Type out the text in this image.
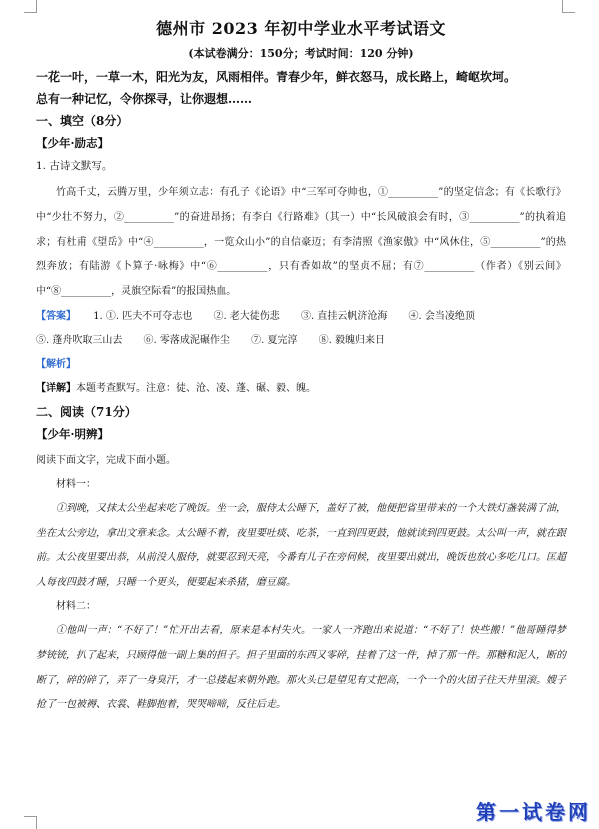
德州市 2023 年初中学业水平考试语文
(本试卷满分：150分；考试时间：120 分钟)
一花一叶，一草一木，阳光为友，风雨相伴。青春少年，鲜衣怒马，成长路上，崎岖坎坷。
总有一种记忆，令你探寻，让你遐想……
一、填空（8分）
【少年·励志】
1. 古诗文默写。

竹高千丈，云腾万里，少年须立志：有孔子《论语》中“三军可夺帅也，①__________”的坚定信念；有《长歌行》中“少壮不努力，②__________”的奋进昂扬；有李白《行路难》（其一）中“长风破浪会有时，③__________”的执着追求；有杜甫《望岳》中“④__________，一览众山小”的自信豪迈；有李清照《渔家傲》中“风休住，⑤__________”的热烈奔放；有陆游《卜算子·咏梅》中“⑥__________，只有香如故”的坚贞不屈；有⑦__________（作者）《别云间》中“⑧__________，灵旗空际看”的报国热血。

【答案】 1. ①. 匹夫不可夺志也 ②. 老大徒伤悲 ③. 直挂云帆济沧海 ④. 会当凌绝顶
⑤. 蓬舟吹取三山去 ⑥. 零落成泥碾作尘 ⑦. 夏完淳 ⑧. 毅魄归来日
【解析】
【详解】本题考查默写。注意：徒、沧、凌、蓬、碾、毅、魄。
二、阅读（71分）
【少年·明辨】
阅读下面文字，完成下面小题。
材料一：

①到晚，又抹太公坐起来吃了晚饭。坐一会，服侍太公睡下，盖好了被，他便把省里带来的一个大铁灯盏装满了油，坐在太公旁边，拿出文章来念。太公睡不着，夜里要吐痰、吃茶，一直到四更鼓，他就读到四更鼓。太公叫一声，就在跟前。太公夜里要出恭，从前没人服侍，就要忍到天亮，今番有儿子在旁伺候，夜里要出就出，晚饭也放心多吃几口。匡超人每夜四鼓才睡，只睡一个更头，便要起来杀猪，磨豆腐。

材料二：

①他叫一声：“不好了！”忙开出去看，原来是本村失火。一家人一齐跑出来说道：“不好了！快些搬！”他哥睡得梦梦铳铳，扒了起来，只顾得他一副上集的担子。担子里面的东西又零碎，挂着了这一件，掉了那一件。那糖和泥人，断的断了，碎的碎了，弄了一身臭汗，才一总搂起来朝外跑。那火头已是望见有丈把高，一个一个的火团子往天井里滚。嫂子抢了一包被褥、衣裳、鞋脚抱着，哭哭啼啼，反往后走。

第一试卷网
